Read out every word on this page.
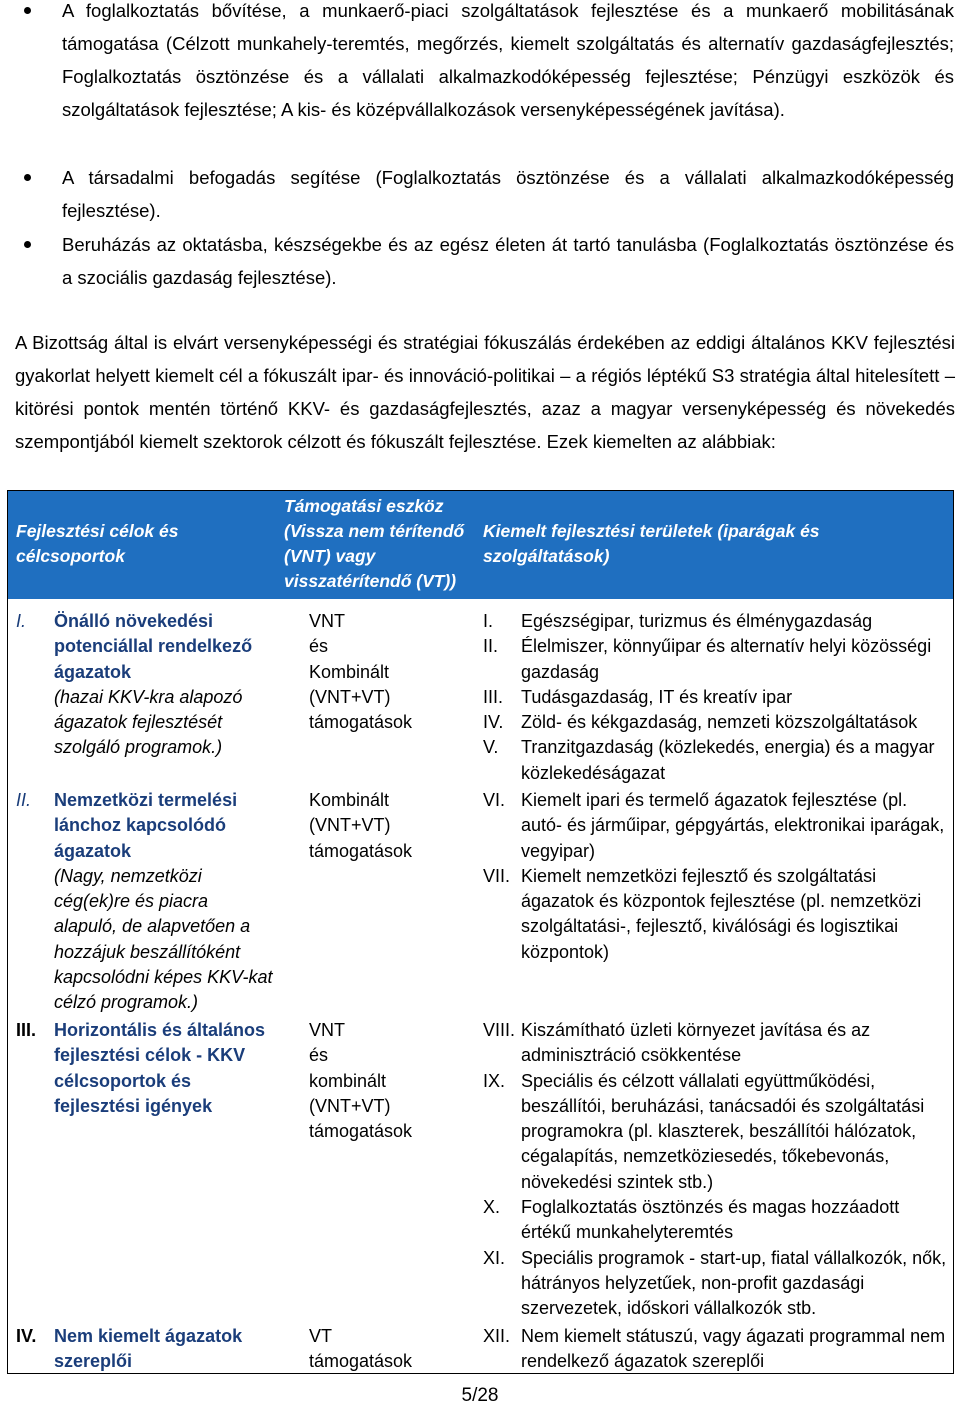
A foglalkoztatás bővítése, a munkaerő-piaci szolgáltatások fejlesztése és a munkaerő mobilitásának támogatása (Célzott munkahely-teremtés, megőrzés, kiemelt szolgáltatás és alternatív gazdaságfejlesztés; Foglalkoztatás ösztönzése és a vállalati alkalmazkodóképesség fejlesztése; Pénzügyi eszközök és szolgáltatások fejlesztése; A kis- és középvállalkozások versenyképességének javítása).
A társadalmi befogadás segítése (Foglalkoztatás ösztönzése és a vállalati alkalmazkodóképesség fejlesztése).
Beruházás az oktatásba, készségekbe és az egész életen át tartó tanulásba (Foglalkoztatás ösztönzése és a szociális gazdaság fejlesztése).
A Bizottság által is elvárt versenyképességi és stratégiai fókuszálás érdekében az eddigi általános KKV fejlesztési gyakorlat helyett kiemelt cél a fókuszált ipar- és innováció-politikai – a régiós léptékű S3 stratégia által hitelesített – kitörési pontok mentén történő KKV- és gazdaságfejlesztés, azaz a magyar versenyképesség és növekedés szempontjából kiemelt szektorok célzott és fókuszált fejlesztése. Ezek kiemelten az alábbiak:
Fejlesztési célok és célcsoportok
Támogatási eszköz (Vissza nem térítendő (VNT) vagy visszatérítendő (VT))
Kiemelt fejlesztési területek (iparágak és szolgáltatások)
I.	Önálló növekedési potenciállal rendelkező ágazatok
(hazai KKV-kra alapozó ágazatok fejlesztését szolgáló programok.)
VNT
és
Kombinált
(VNT+VT)
támogatások
I. Egészségipar, turizmus és élménygazdaság
II. Élelmiszer, könnyűipar és alternatív helyi közösségi gazdaság
III. Tudásgazdaság, IT és kreatív ipar
IV. Zöld- és kékgazdaság, nemzeti közszolgáltatások
V. Tranzitgazdaság (közlekedés, energia) és a magyar közlekedéságazat
II.	Nemzetközi termelési lánchoz kapcsolódó ágazatok
(Nagy, nemzetközi cég(ek)re és piacra alapuló, de alapvetően a hozzájuk beszállítóként kapcsolódni képes KKV-kat célzó programok.)
Kombinált
(VNT+VT)
támogatások
VI. Kiemelt ipari és termelő ágazatok fejlesztése (pl. autó- és járműipar, gépgyártás, elektronikai iparágak, vegyipar)
VII. Kiemelt nemzetközi fejlesztő és szolgáltatási ágazatok és központok fejlesztése (pl. nemzetközi szolgáltatási-, fejlesztő, kiválósági és logisztikai központok)
III. Horizontális és általános fejlesztési célok - KKV célcsoportok és fejlesztési igények
VNT
és
kombinált
(VNT+VT)
támogatások
VIII. Kiszámítható üzleti környezet javítása és az adminisztráció csökkentése
IX. Speciális és célzott vállalati együttműködési, beszállítói, beruházási, tanácsadói és szolgáltatási programokra (pl. klaszterek, beszállítói hálózatok, cégalapítás, nemzetköziesedés, tőkebevonás, növekedési szintek stb.)
X. Foglalkoztatás ösztönzés és magas hozzáadott értékű munkahelyteremtés
XI. Speciális programok - start-up, fiatal vállalkozók, nők, hátrányos helyzetűek, non-profit gazdasági szervezetek, időskori vállalkozók stb.
IV. Nem kiemelt ágazatok szereplői
VT
támogatások
XII. Nem kiemelt státuszú, vagy ágazati programmal nem rendelkező ágazatok szereplői
5/28
